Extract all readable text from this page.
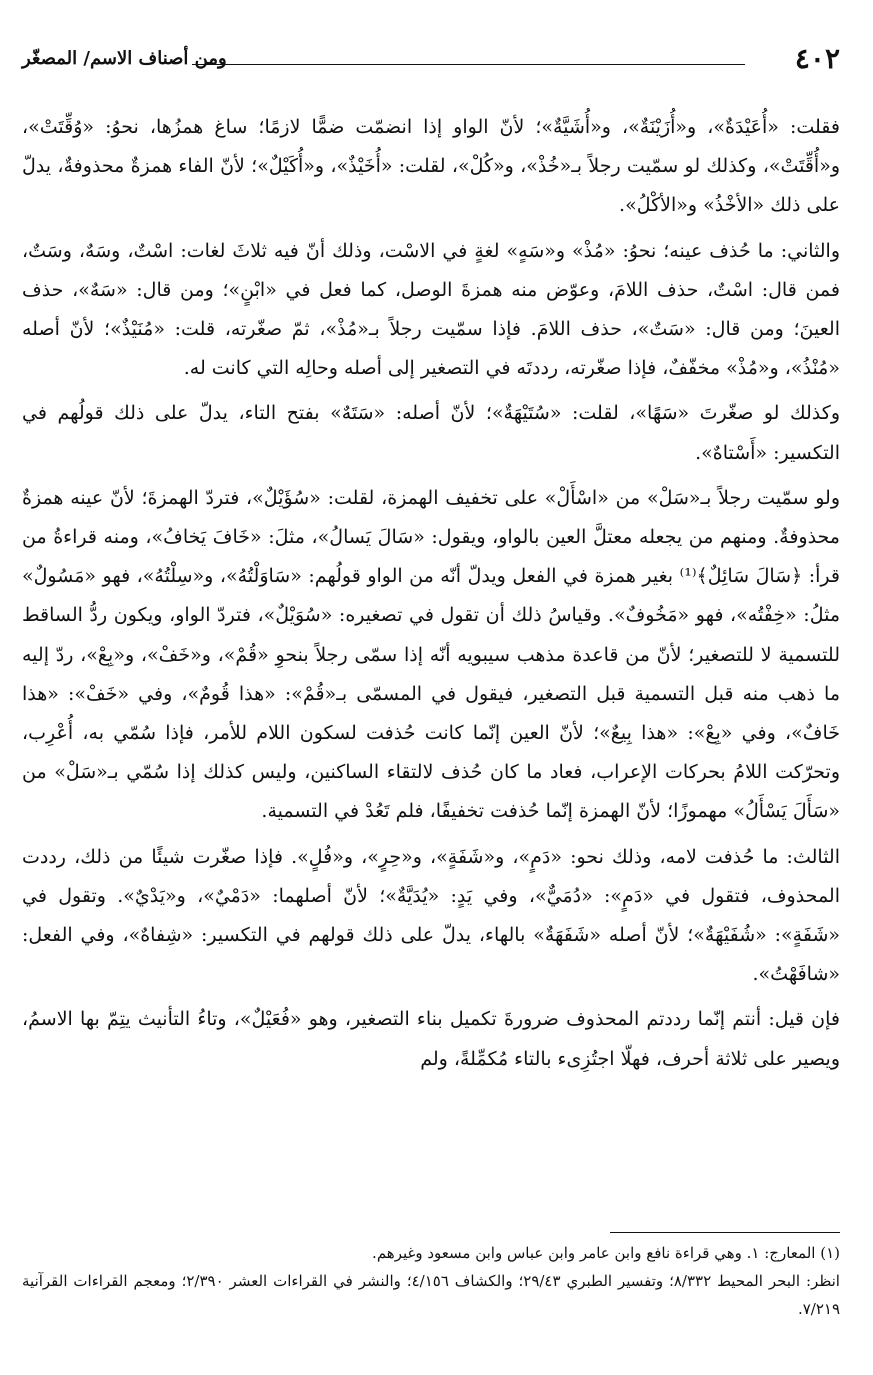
٤٠٢
ومن أصناف الاسم/ المصغّر

فقلت: «أُعَيْدَةٌ»، و«أُزَيْنَةٌ»، و«أُشَيَّةٌ»؛ لأنّ الواو إذا انضمّت ضمًّا لازمًا؛ ساغ همزُها، نحوُ: «وُقِّتَتْ»، و«أُقِّتَتْ»، وكذلك لو سمّيت رجلاً بـ«خُذْ»، و«كُلْ»، لقلت: «أُخَيْذٌ»، و«أُكَيْلٌ»؛ لأنّ الفاء همزةٌ محذوفةٌ، يدلّ على ذلك «الأخْذُ» و«الأكْلُ».

والثاني: ما حُذف عينه؛ نحوُ: «مُذْ» و«سَهٍ» لغةٍ في الاسْت، وذلك أنّ فيه ثلاثَ لغات: اسْتٌ، وسَهٌ، وسَتٌ، فمن قال: اسْتٌ، حذف اللامَ، وعوّض منه همزةَ الوصل، كما فعل في «ابْنٍ»؛ ومن قال: «سَهٌ»، حذف العينَ؛ ومن قال: «سَتٌ»، حذف اللامَ. فإذا سمّيت رجلاً بـ«مُذْ»، ثمّ صغّرته، قلت: «مُنَيْذٌ»؛ لأنّ أصله «مُنْذُ»، و«مُذْ» مخفّفٌ، فإذا صغّرته، رددتَه في التصغير إلى أصله وحالِه التي كانت له.

وكذلك لو صغّرتَ «سَهًا»، لقلت: «سُتَيْهَةٌ»؛ لأنّ أصله: «سَتَهٌ» بفتح التاء، يدلّ على ذلك قولُهم في التكسير: «أَسْتاهٌ».

ولو سمّيت رجلاً بـ«سَلْ» من «اسْأَلْ» على تخفيف الهمزة، لقلت: «سُؤَيْلٌ»، فتردّ الهمزةَ؛ لأنّ عينه همزةٌ محذوفةٌ. ومنهم من يجعله معتلَّ العين بالواو، ويقول: «سَالَ يَسالُ»، مثلَ: «خَافَ يَخافُ»، ومنه قراءةُ من قرأ: ﴿سَالَ سَائِلٌ﴾⁽¹⁾ بغير همزة في الفعل ويدلّ أنّه من الواو قولُهم: «سَاوَلْتُهُ»، و«سِلْتُهُ»، فهو «مَسُولٌ» مثلُ: «خِفْتُه»، فهو «مَخُوفٌ». وقياسُ ذلك أن تقول في تصغيره: «سُوَيْلٌ»، فتردّ الواو، ويكون ردُّ الساقط للتسمية لا للتصغير؛ لأنّ من قاعدة مذهب سيبويه أنّه إذا سمّى رجلاً بنحوِ «قُمْ»، و«خَفْ»، و«بِعْ»، ردّ إليه ما ذهب منه قبل التسمية قبل التصغير، فيقول في المسمّى بـ«قُمْ»: «هذا قُومٌ»، وفي «خَفْ»: «هذا خَافٌ»، وفي «بِعْ»: «هذا بِيعٌ»؛ لأنّ العين إنّما كانت حُذفت لسكون اللام للأمر، فإذا سُمّي به، أُعْرِب، وتحرّكت اللامُ بحركات الإعراب، فعاد ما كان حُذف لالتقاء الساكنين، وليس كذلك إذا سُمّي بـ«سَلْ» من «سَأَلَ يَسْأَلُ» مهموزًا؛ لأنّ الهمزة إنّما حُذفت تخفيفًا، فلم تَعُدْ في التسمية.

الثالث: ما حُذفت لامه، وذلك نحو: «دَمٍ»، و«شَفَةٍ»، و«حِرٍ»، و«فُلٍ». فإذا صغّرت شيئًا من ذلك، رددت المحذوف، فتقول في «دَمٍ»: «دُمَيٌّ»، وفي يَدٍ: «يُدَيَّةٌ»؛ لأنّ أصلهما: «دَمْيٌ»، و«يَدْيٌ». وتقول في «شَفَةٍ»: «شُفَيْهَةٌ»؛ لأنّ أصله «شَفَهَةٌ» بالهاء، يدلّ على ذلك قولهم في التكسير: «شِفاهٌ»، وفي الفعل: «شافَهْتُ».

فإن قيل: أنتم إنّما رددتم المحذوف ضرورةَ تكميل بناء التصغير، وهو «فُعَيْلٌ»، وتاءُ التأنيث يتِمّ بها الاسمُ، ويصير على ثلاثة أحرف، فهلّا اجتُزِىء بالتاء مُكمِّلةً، ولم

(١) المعارج: ١. وهي قراءة نافع وابن عامر وابن عباس وابن مسعود وغيرهم.

انظر: البحر المحيط ٨/٣٣٢؛ وتفسير الطبري ٢٩/٤٣؛ والكشاف ٤/١٥٦؛ والنشر في القراءات العشر ٢/٣٩٠؛ ومعجم القراءات القرآنية ٧/٢١٩.
